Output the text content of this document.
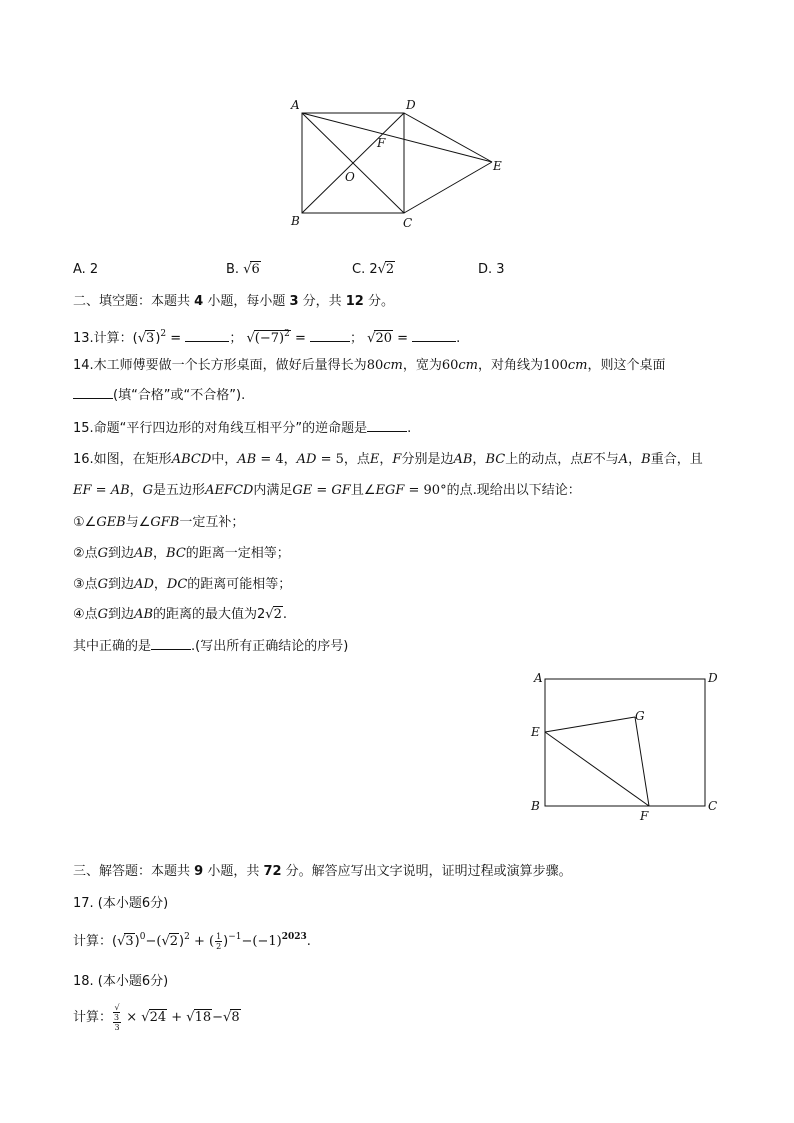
A	D
F
E
O
B	C
A. 2	B. √6	C. 2√2	D. 3
二、填空题：本题共 4 小题，每小题 3 分，共 12 分。
13.计算：$(√3)^2$ =	； $√(-7)^2$ =	； √20 =	.
14.木工师傅要做一个长方形桌面，做好后量得长为80cm，宽为60cm，对角线为100cm，则这个桌面
(填“合格”或“不合格”).
15.命题“平行四边形的对角线互相平分”的逆命题是	.
16.如图，在矩形ABCD中，AB = 4，AD = 5，点E，F分别是边AB，BC上的动点，点E不与A，B重合，且
EF = AB，G是五边形AEFCD内满足GE = GF且∠EGF = 90°的点.现给出以下结论：
①∠GEB与∠GFB一定互补；
②点G到边AB，BC的距离一定相等；
③点G到边AD，DC的距离可能相等；
④点G到边AB的距离的最大值为2√2.
其中正确的是	.(写出所有正确结论的序号)
A	D
G
E
B
F
C
三、解答题：本题共 9 小题，共 72 分。解答应写出文字说明，证明过程或演算步骤。
17. (本小题6分)
计算：$(√3)^0-(√2)^2$ + ( $\frac{1}{2} )^{-1}-(-1)^{2023}$.
18. (本小题6分)
计算： √
3
3 × √24 + √18−√8
